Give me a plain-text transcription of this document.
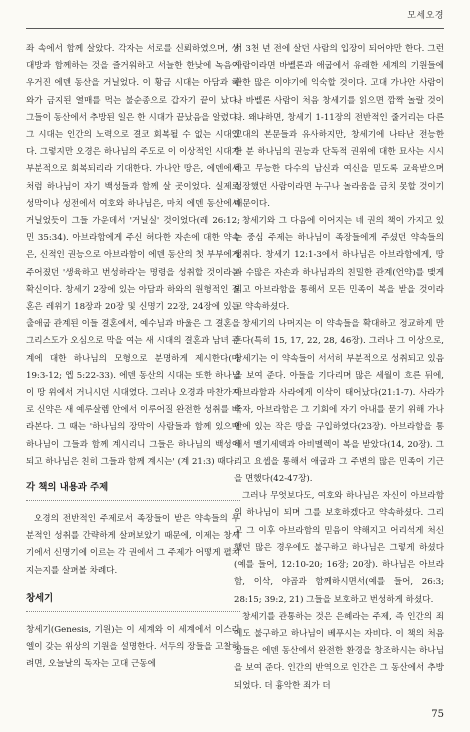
모세오경

좌 속에서 함께 살았다. 각자는 서로를 신뢰하였으며, 상대방과 함께하는 것을 즐거워하고 서늘한 한낮에 녹음이 우거진 에덴 동산을 거닐었다. 이 황금 시대는 아담과 하와가 금지된 열매를 먹는 불순종으로 갑자기 끝이 났다. 그들이 동산에서 추방된 일은 한 시대가 끝났음을 알렸다. 그 시대는 인간의 노력으로 결코 회복될 수 없는 시대였다. 그렇지만 오경은 하나님의 주도로 이 이상적인 시대가 부분적으로 회복되리라 기대한다. 가나안 땅은, 에덴에서처럼 하나님이 자기 백성들과 함께 살 곳이었다. 실제로 성막이나 성전에서 여호와 하나님은, 마치 에덴 동산에서 거닐었듯이 그들 가운데서 '거닐실' 것이었다(레 26:12; 민 35:34). 아브라함에게 주신 허다한 자손에 대한 약속은, 신적인 권능으로 아브라함이 에덴 동산의 첫 부부에게 주어졌던 '생육하고 번성하라'는 명령을 성취할 것이라는 확신이다. 창세기 2장에 있는 아담과 하와의 원형적인 결혼은 레위기 18장과 20장 및 신명기 22장, 24장에 있는 출애굽 관계된 이들 결혼에서, 예수님과 바울은 그 결혼을 그리스도가 오심으로 막을 여는 새 시대의 결혼과 남녀 관계에 대한 하나님의 모형으로 분명하게 제시한다(마 19:3-12; 엡 5:22-33). 에덴 동산의 시대는 또한 하나님이 땅 위에서 거니시던 시대였다. 그러나 오경과 마찬가지로 신약은 새 예루살렘 안에서 이루어질 완전한 성취를 바라본다. 그 때는 '하나님의 장막이 사람들과 함께 있으매 하나님이 그들과 함께 계시리니 그들은 하나님의 백성이 되고 하나님은 친히 그들과 함께 계시는' (계 21:3) 때다.

각 책의 내용과 주제

오경의 전반적인 주제로서 족장들이 받은 약속들의 부분적인 성취를 간략하게 살펴보았기 때문에, 이제는 창세기에서 신명기에 이르는 각 권에서 그 주제가 어떻게 펼쳐지는지를 살펴볼 차례다.

창세기

창세기(Genesis, 기원)는 이 세계와 이 세계에서 이스라엘이 갖는 위상의 기원을 설명한다. 서두의 장들을 고찰하려면, 오늘날의 독자는 고대 근동에

서 3천 년 전에 살던 사람의 입장이 되어야만 한다. 그런 사람이라면 바벨론과 애굽에서 유래한 세계의 기원들에 관한 많은 이야기에 익숙할 것이다. 고대 가나안 사람이나 바벨론 사람이 처음 창세기를 읽으면 깜짝 놀랄 것이다. 왜냐하면, 창세기 1-11장의 전반적인 줄거리는 다른 고대의 본문들과 유사하지만, 창세기에 나타난 전능한 한 분 하나님의 권능과 단독적 권위에 대한 묘사는 시시하고 무능한 다수의 남신과 여신을 믿도록 교육받으며 성장했던 사람이라면 누구나 놀라움을 금치 못할 것이기 때문이다.

창세기와 그 다음에 이어지는 네 권의 책이 가지고 있는 중심 주제는 하나님이 족장들에게 주셨던 약속들의 성취다. 창세기 12:1-3에서 하나님은 아브라함에게, 땅과 수많은 자손과 하나님과의 친밀한 관계(언약)를 맺게 되고 아브라함을 통해서 모든 민족이 복을 받을 것이라고 약속하셨다.

창세기의 나머지는 이 약속들을 확대하고 정교하게 만든다(특히 15, 17, 22, 28, 46장). 그러나 그 이상으로, 창세기는 이 약속들이 서서히 부분적으로 성취되고 있음을 보여 준다. 아들을 기다리며 많은 세월이 흐른 뒤에, 아브라함과 사라에게 이삭이 태어났다(21:1-7). 사라가 죽자, 아브라함은 그 기회에 자기 아내를 묻기 위해 가나안에 있는 작은 땅을 구입하였다(23장). 아브라함을 통해서 멜기세덱과 아비멜렉이 복을 받았다(14, 20장). 그리고 요셉을 통해서 애굽과 그 주변의 많은 민족이 기근을 면했다(42-47장).

그러나 무엇보다도, 여호와 하나님은 자신이 아브라함의 하나님이 되며 그를 보호하겠다고 약속하셨다. 그리고 그 이후 아브라함의 믿음이 약해지고 어리석게 처신했던 많은 경우에도 불구하고 하나님은 그렇게 하셨다(예를 들어, 12:10-20; 16장; 20장). 하나님은 아브라함, 이삭, 야곱과 함께하시면서(예를 들어, 26:3; 28:15; 39:2, 21) 그들을 보호하고 번성하게 하셨다.

창세기를 관통하는 것은 은혜라는 주제, 즉 인간의 죄에도 불구하고 하나님이 베푸시는 자비다. 이 책의 처음 장들은 에덴 동산에서 완전한 환경을 창조하시는 하나님을 보여 준다. 인간의 반역으로 인간은 그 동산에서 추방되었다. 더 흉악한 죄가 더

75
